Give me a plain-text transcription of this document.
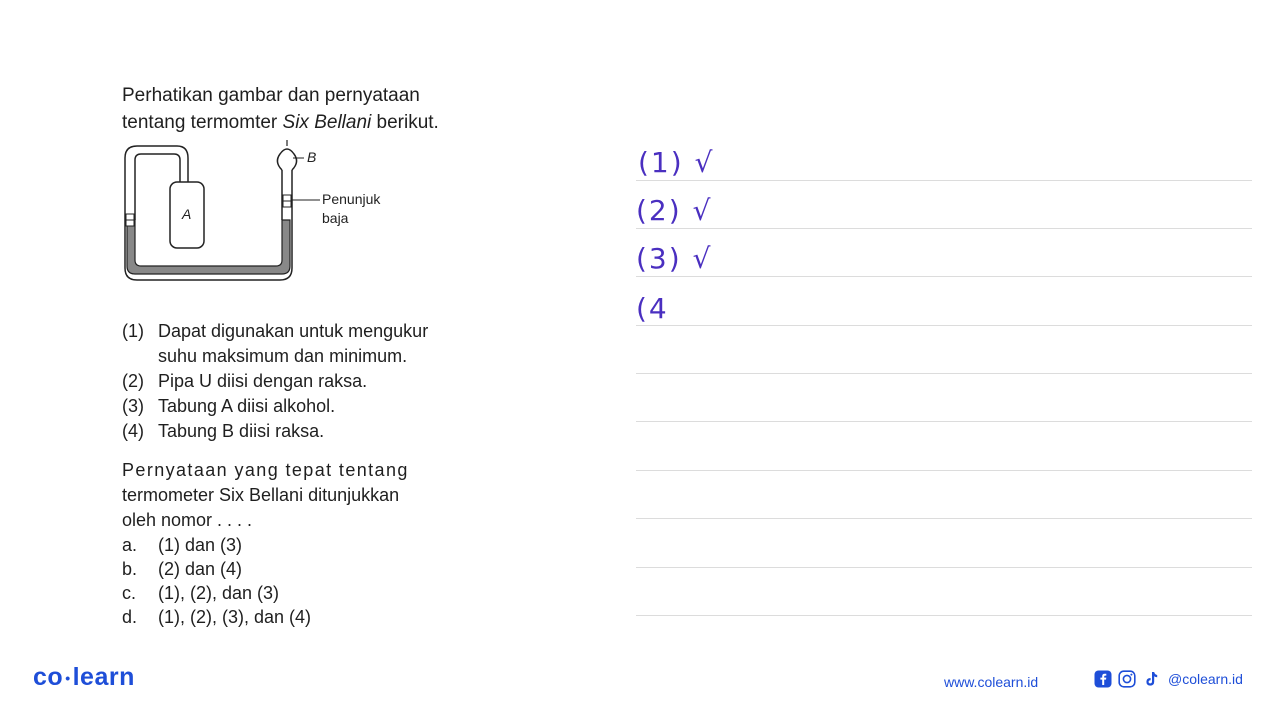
Perhatikan gambar dan pernyataan
tentang termomter Six Bellani berikut.
A
B
Penunjuk
baja
(1) Dapat digunakan untuk mengukur suhu maksimum dan minimum.
(2) Pipa U diisi dengan raksa.
(3) Tabung A diisi alkohol.
(4) Tabung B diisi raksa.
Pernyataan yang tepat tentang
termometer Six Bellani ditunjukkan
oleh nomor . . . .
a.	(1) dan (3)
b.	(2) dan (4)
c.	(1), (2), dan (3)
d.	(1), (2), (3), dan (4)
(1) √
(2) √
(3) √
(4
co •learn	www.colearn.id	@colearn.id
